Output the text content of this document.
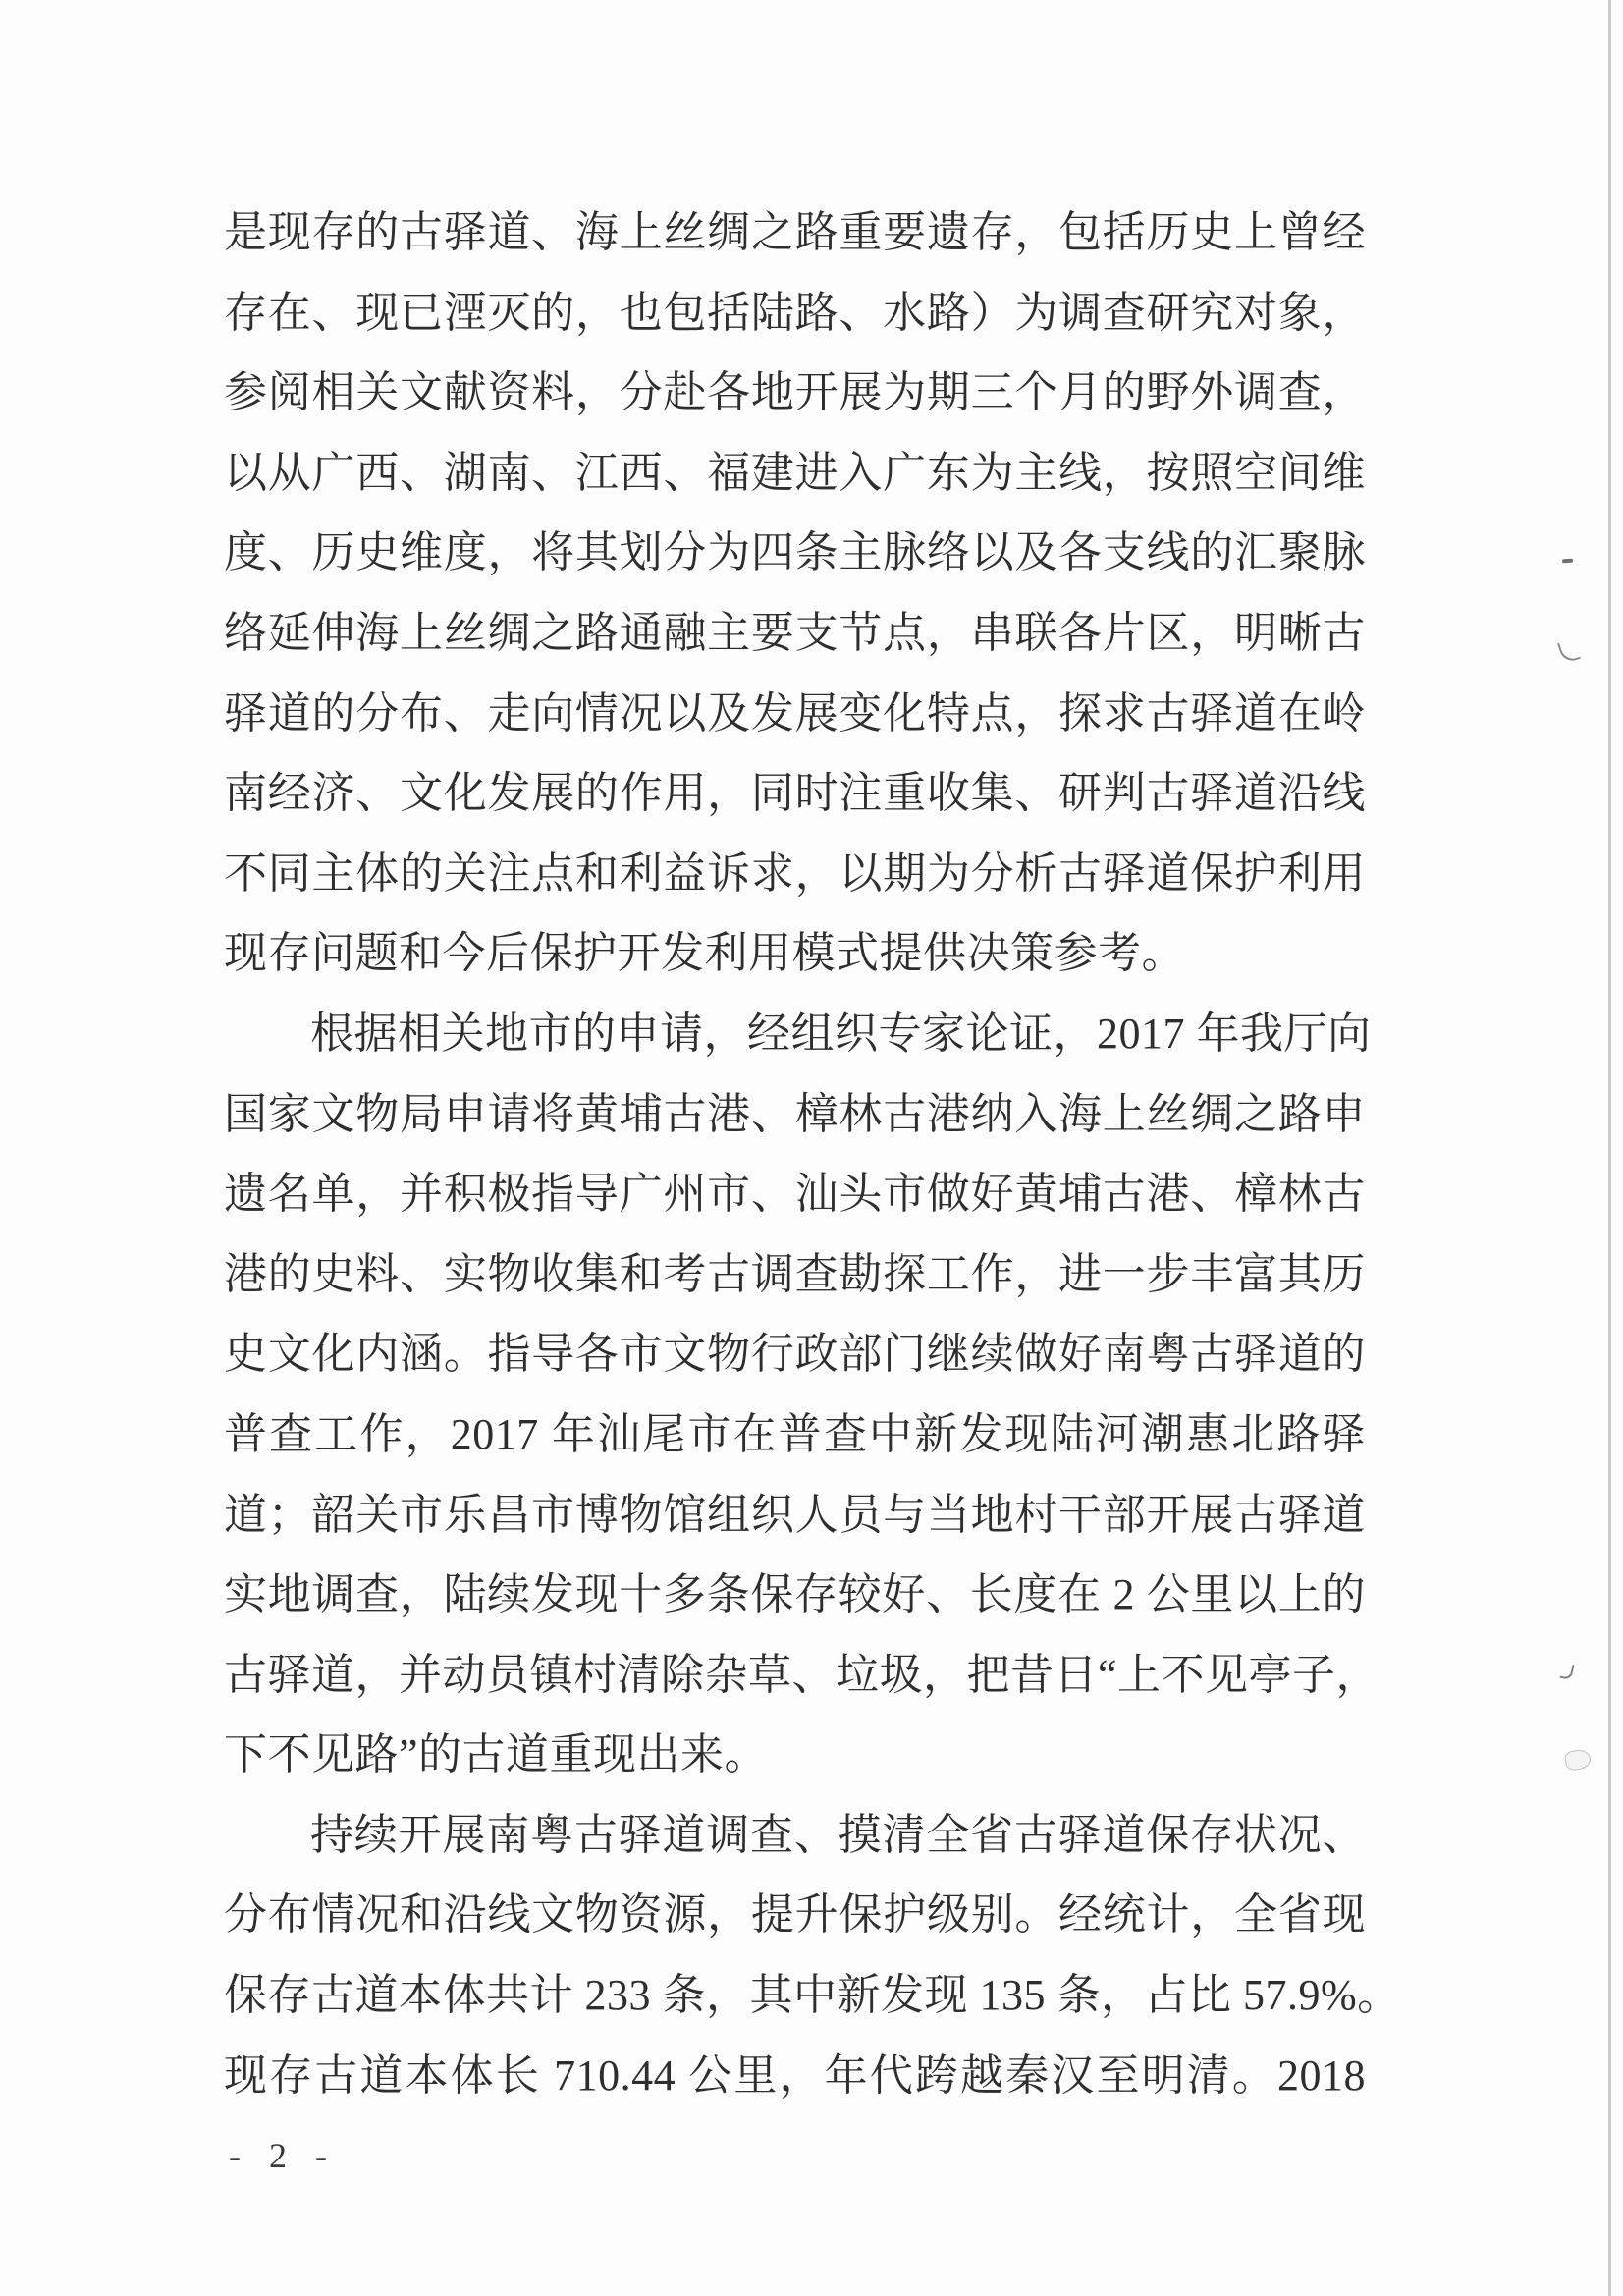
是现存的古驿道、海上丝绸之路重要遗存，包括历史上曾经
存在、现已湮灭的，也包括陆路、水路）为调查研究对象，
参阅相关文献资料，分赴各地开展为期三个月的野外调查，
以从广西、湖南、江西、福建进入广东为主线，按照空间维
度、历史维度，将其划分为四条主脉络以及各支线的汇聚脉
络延伸海上丝绸之路通融主要支节点，串联各片区，明晰古
驿道的分布、走向情况以及发展变化特点，探求古驿道在岭
南经济、文化发展的作用，同时注重收集、研判古驿道沿线
不同主体的关注点和利益诉求，以期为分析古驿道保护利用
现存问题和今后保护开发利用模式提供决策参考。
根据相关地市的申请，经组织专家论证，2017 年我厅向
国家文物局申请将黄埔古港、樟林古港纳入海上丝绸之路申
遗名单，并积极指导广州市、汕头市做好黄埔古港、樟林古
港的史料、实物收集和考古调查勘探工作，进一步丰富其历
史文化内涵。指导各市文物行政部门继续做好南粤古驿道的
普查工作，2017 年汕尾市在普查中新发现陆河潮惠北路驿
道；韶关市乐昌市博物馆组织人员与当地村干部开展古驿道
实地调查，陆续发现十多条保存较好、长度在 2 公里以上的
古驿道，并动员镇村清除杂草、垃圾，把昔日“上不见亭子，
下不见路”的古道重现出来。
持续开展南粤古驿道调查、摸清全省古驿道保存状况、
分布情况和沿线文物资源，提升保护级别。经统计，全省现
保存古道本体共计 233 条，其中新发现 135 条，占比 57.9%。
现存古道本体长 710.44 公里，年代跨越秦汉至明清。2018
- 2 -
